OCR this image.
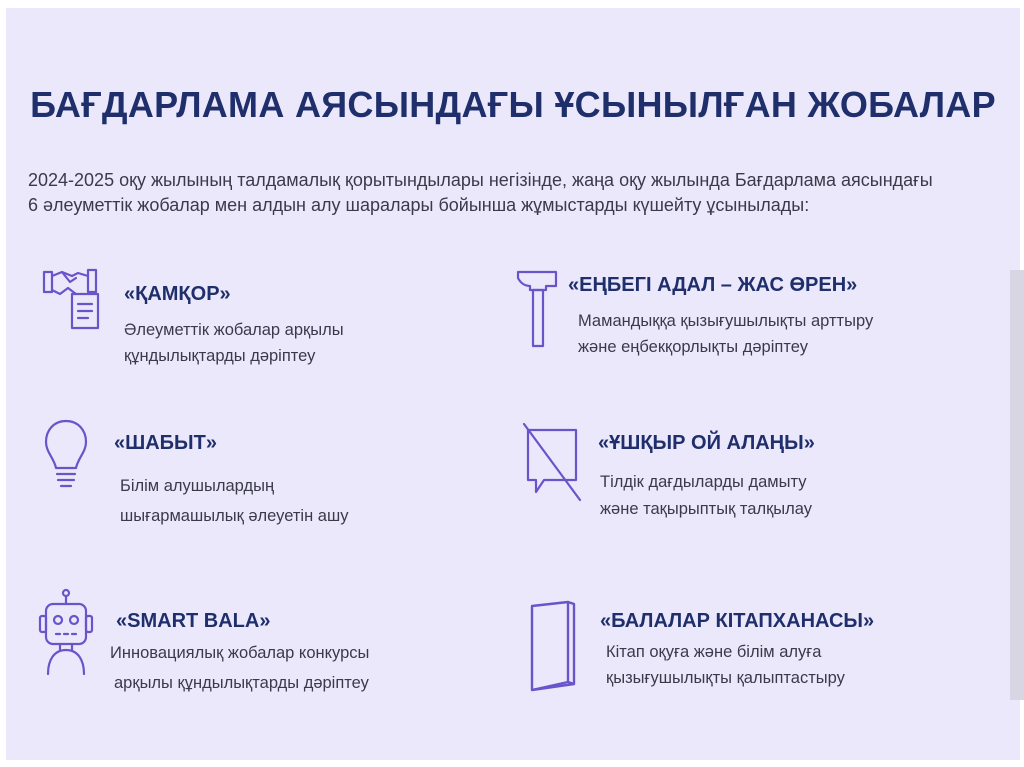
БАҒДАРЛАМА АЯСЫНДАҒЫ ҰСЫНЫЛҒАН ЖОБАЛАР
2024-2025 оқу жылының талдамалық қорытындылары негізінде, жаңа оқу жылында Бағдарлама аясындағы
6 әлеуметтік жобалар мен алдын алу шаралары бойынша жұмыстарды күшейту ұсынылады:
«ҚАМҚОР»
Әлеуметтік жобалар арқылы
құндылықтарды дәріптеу
«ЕҢБЕГІ АДАЛ – ЖАС ӨРЕН»
Мамандыққа қызығушылықты арттыру
және еңбекқорлықты дәріптеу
«ШАБЫТ»
Білім алушылардың
шығармашылық әлеуетін ашу
«ҰШҚЫР ОЙ АЛАҢЫ»
Тілдік дағдыларды дамыту
және тақырыптық талқылау
«SMART BALA»
Инновациялық жобалар конкурсы
арқылы құндылықтарды дәріптеу
«БАЛАЛАР КІТАПХАНАСЫ»
Кітап оқуға және білім алуға
қызығушылықты қалыптастыру
